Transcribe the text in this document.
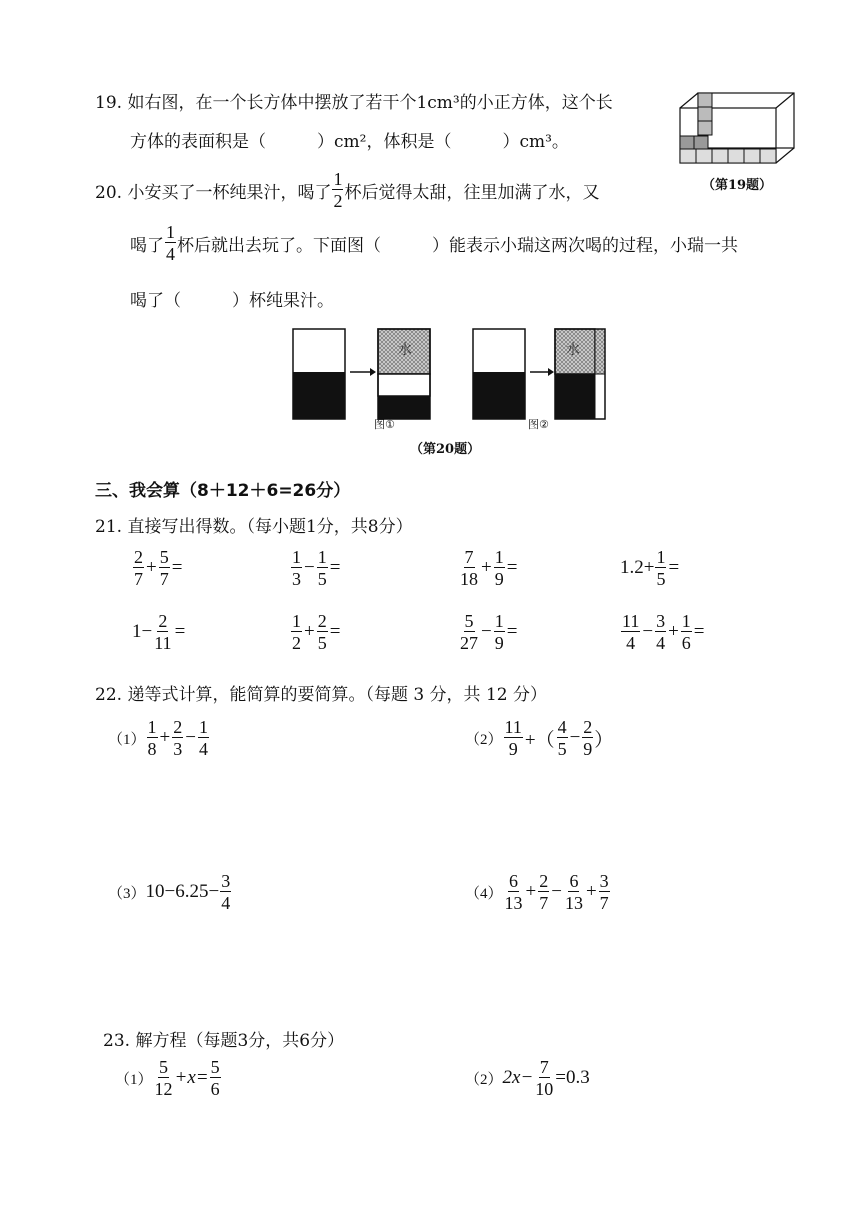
19. 如右图，在一个长方体中摆放了若干个1cm³的小正方体，这个长
方体的表面积是（　　　）cm²，体积是（　　　）cm³。
（第19题）
20. 小安买了一杯纯果汁，喝了 $\frac{1}{2}$ 杯后觉得太甜，往里加满了水，又
喝了 $\frac{1}{4}$ 杯后就出去玩了。下面图（　　　）能表示小瑞这两次喝的过程，小瑞一共
喝了（　　　）杯纯果汁。
水
图①
水
图②
（第20题）
三、我会算（8＋12＋6=26分）
21. 直接写出得数。（每小题1分，共8分）
$\frac{2}{7} + \frac{5}{7}$ =	$\frac{1}{3} - \frac{1}{5}$ =	$\frac{7}{18} + \frac{1}{9}$ =	$1.2+ \frac{1}{5}$ =
$1- \frac{2}{11}$ =	$\frac{1}{2} + \frac{2}{5}$ =	$\frac{5}{27} - \frac{1}{9}$ =	$\frac{11}{4} - \frac{3}{4} + \frac{1}{6}$ =
22. 递等式计算，能简算的要简算。（每题 3 分，共 12 分）
$(1) \frac{1}{8} + \frac{2}{3} - \frac{1}{4}$	$(2) \frac{11}{9}$ +（ $\frac{4}{5} - \frac{2}{9}$ ）
（3） $10-6.25- \frac{3}{4}$	$(4) \frac{6}{13} + \frac{2}{7} - \frac{6}{13} + \frac{3}{7}$
23. 解方程（每题3分，共6分）
$(1) \frac{5}{12} +x= \frac{5}{6}$	（2） $2x- \frac{7}{10} =0.3$
